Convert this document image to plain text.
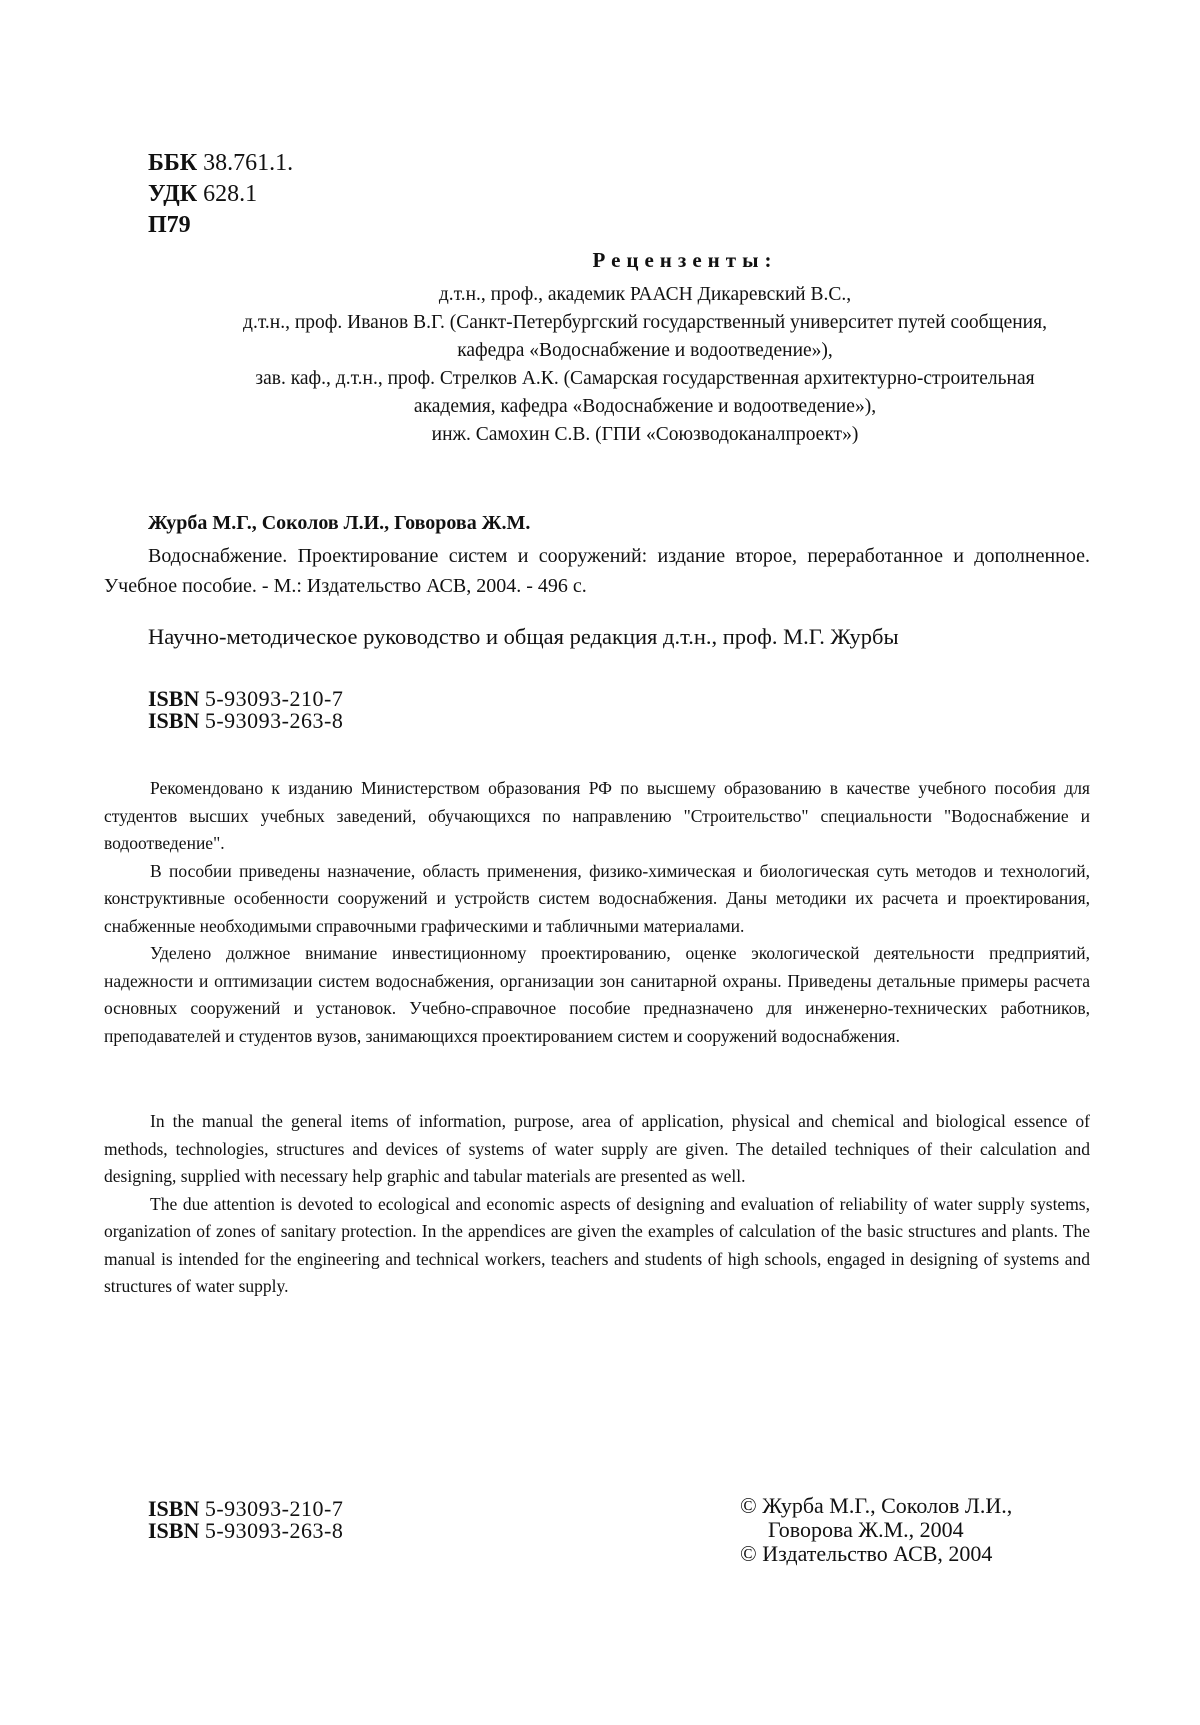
ББК 38.761.1.
УДК 628.1
П79
Рецензенты:
д.т.н., проф., академик РААСН Дикаревский В.С.,
д.т.н., проф. Иванов В.Г. (Санкт-Петербургский государственный университет путей сообщения,
кафедра «Водоснабжение и водоотведение»),
зав. каф., д.т.н., проф. Стрелков А.К. (Самарская государственная архитектурно-строительная
академия, кафедра «Водоснабжение и водоотведение»),
инж. Самохин С.В. (ГПИ «Союзводоканалпроект»)
Журба М.Г., Соколов Л.И., Говорова Ж.М.
Водоснабжение. Проектирование систем и сооружений: издание второе, переработанное и дополненное. Учебное пособие. - М.: Издательство АСВ, 2004. - 496 с.
Научно-методическое руководство и общая редакция д.т.н., проф. М.Г. Журбы
ISBN 5-93093-210-7
ISBN 5-93093-263-8

Рекомендовано к изданию Министерством образования РФ по высшему образованию в качестве учебного пособия для студентов высших учебных заведений, обучающихся по направлению "Строительство" специальности "Водоснабжение и водоотведение".

В пособии приведены назначение, область применения, физико-химическая и биологическая суть методов и технологий, конструктивные особенности сооружений и устройств систем водоснабжения. Даны методики их расчета и проектирования, снабженные необходимыми справочными графическими и табличными материалами.

Уделено должное внимание инвестиционному проектированию, оценке экологической деятельности предприятий, надежности и оптимизации систем водоснабжения, организации зон санитарной охраны. Приведены детальные примеры расчета основных сооружений и установок. Учебно-справочное пособие предназначено для инженерно-технических работников, преподавателей и студентов вузов, занимающихся проектированием систем и сооружений водоснабжения.

In the manual the general items of information, purpose, area of application, physical and chemical and biological essence of methods, technologies, structures and devices of systems of water supply are given. The detailed techniques of their calculation and designing, supplied with necessary help graphic and tabular materials are presented as well.

The due attention is devoted to ecological and economic aspects of designing and evaluation of reliability of water supply systems, organization of zones of sanitary protection. In the appendices are given the examples of calculation of the basic structures and plants. The manual is intended for the engineering and technical workers, teachers and students of high schools, engaged in designing of systems and structures of water supply.

ISBN 5-93093-210-7
ISBN 5-93093-263-8
© Журба М.Г., Соколов Л.И.,
Говорова Ж.М., 2004
© Издательство АСВ, 2004
